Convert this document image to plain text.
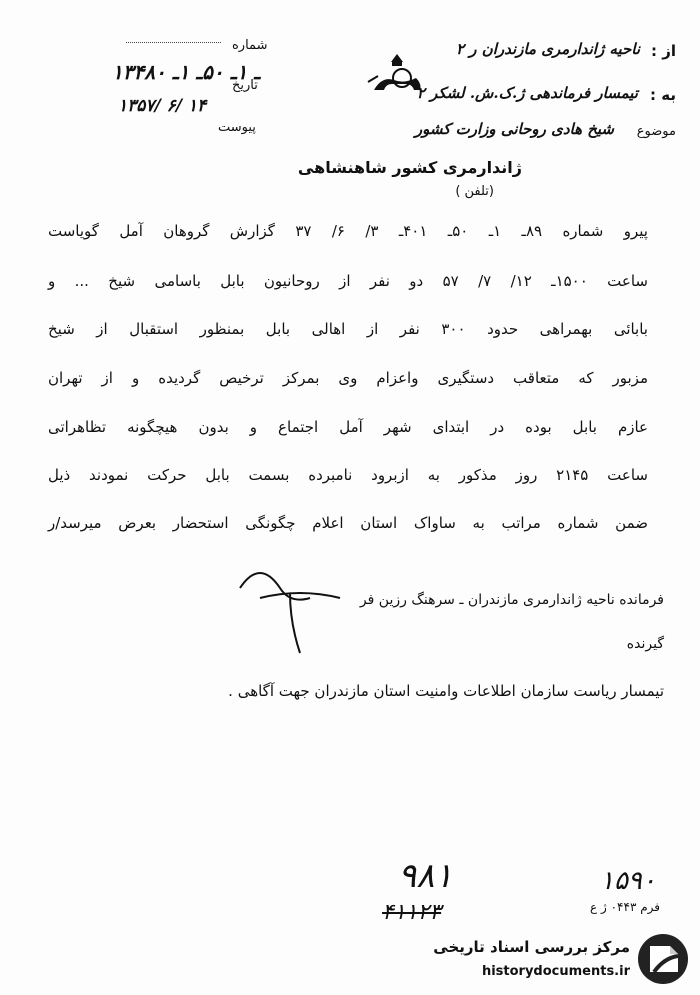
شماره
۱۳۴ـ ۱ـ ۵۰ـ ۱ـ ۸۰
تاریخ
۱۳۵۷/ ۶/ ۱۴
پیوست
از :
ناحیه ژاندارمری مازندران ر ۲
به :
تیمسار فرماندهی ژ.ک.ش. لشکر ۲
موضوع
شیخ هادی روحانی وزارت کشور
ژاندارمری کشور شاهنشاهی
(تلفن )
پیرو شماره ۸۹ـ ۱ـ ۵۰ـ ۴۰۱ـ ۳/ ۶/ ۳۷ گزارش گروهان آمل گویاست
ساعت ۱۵۰۰ـ ۱۲/ ۷/ ۵۷ دو نفر از روحانیون بابل باسامی شیخ ... و
بابائی بهمراهی حدود ۳۰۰ نفر از اهالی بابل بمنظور استقبال از شیخ
مزبور که متعاقب دستگیری واعزام وی بمرکز ترخیص گردیده و از تهران
عازم بابل بوده در ابتدای شهر آمل اجتماع و بدون هیچگونه تظاهراتی
ساعت ۲۱۴۵ روز مذکور به ازبرود نامبرده بسمت بابل حرکت نمودند ذیل
ضمن شماره مراتب به ساواک استان اعلام چگونگی استحضار بعرض میرسد/ر
فرمانده ناحیه ژاندارمری مازندران ـ سرهنگ رزین فر
گیرنده
تیمسار ریاست سازمان اطلاعات وامنیت استان مازندران جهت آگاهی .
۱۵۹۰
۹۸۱
۴۱۱۲۳	فرم ۰۴۴۳ ژ ع
مرکز بررسی اسناد تاریخی
historydocuments.ir
